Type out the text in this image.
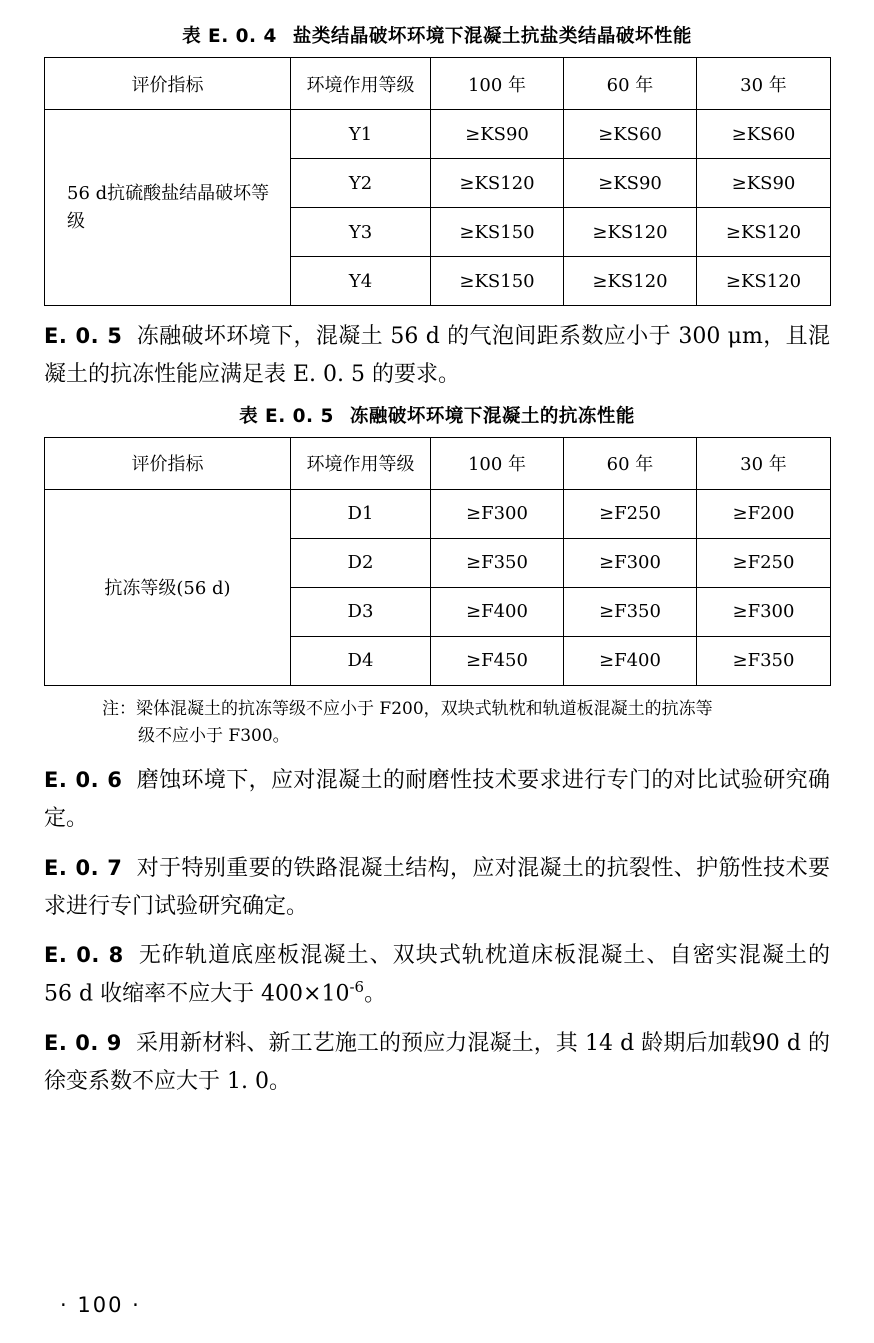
表 E. 0. 4 盐类结晶破坏环境下混凝土抗盐类结晶破坏性能
评价指标	环境作用等级	100 年	60 年	30 年
56 d抗硫酸盐结晶破坏等级	Y1	≥KS90	≥KS60	≥KS60
	Y2	≥KS120	≥KS90	≥KS90
	Y3	≥KS150	≥KS120	≥KS120
	Y4	≥KS150	≥KS120	≥KS120

E. 0. 5 冻融破坏环境下，混凝土 56 d 的气泡间距系数应小于 300 μm，且混凝土的抗冻性能应满足表 E. 0. 5 的要求。

表 E. 0. 5 冻融破坏环境下混凝土的抗冻性能
评价指标	环境作用等级	100 年	60 年	30 年
抗冻等级(56 d)	D1	≥F300	≥F250	≥F200
	D2	≥F350	≥F300	≥F250
	D3	≥F400	≥F350	≥F300
	D4	≥F450	≥F400	≥F350
注：梁体混凝土的抗冻等级不应小于 F200，双块式轨枕和轨道板混凝土的抗冻等
级不应小于 F300。

E. 0. 6 磨蚀环境下，应对混凝土的耐磨性技术要求进行专门的对比试验研究确定。

E. 0. 7 对于特别重要的铁路混凝土结构，应对混凝土的抗裂性、护筋性技术要求进行专门试验研究确定。

E. 0. 8 无砟轨道底座板混凝土、双块式轨枕道床板混凝土、自密实混凝土的 56 d 收缩率不应大于 $400\times 10^{-6}$。

E. 0. 9 采用新材料、新工艺施工的预应力混凝土，其 14 d 龄期后加载90 d 的徐变系数不应大于 1. 0。

· 100 ·
